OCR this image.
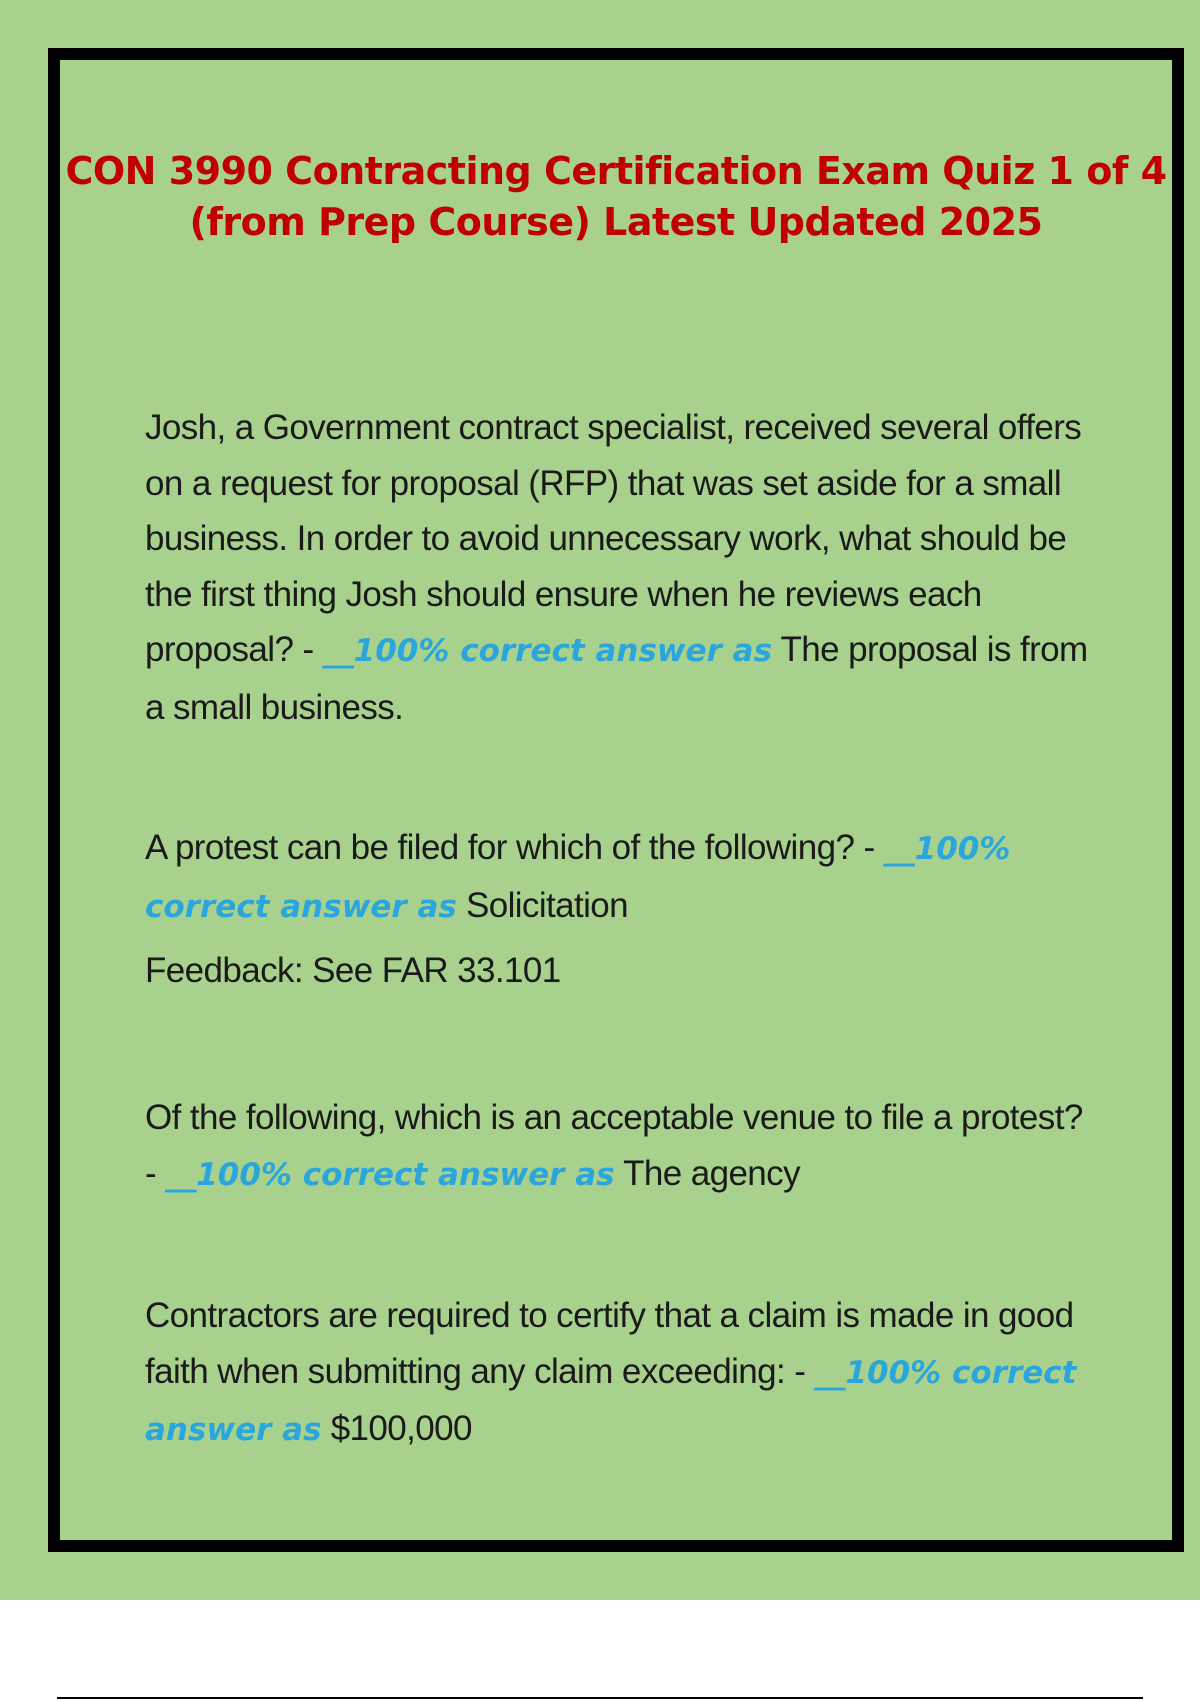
CON 3990 Contracting Certification Exam Quiz 1 of 4 (from Prep Course) Latest Updated 2025

Josh, a Government contract specialist, received several offers on a request for proposal (RFP) that was set aside for a small business. In order to avoid unnecessary work, what should be the first thing Josh should ensure when he reviews each proposal? - __100% correct answer as The proposal is from a small business.

A protest can be filed for which of the following? - __100% correct answer as Solicitation

Feedback: See FAR 33.101

Of the following, which is an acceptable venue to file a protest? - __100% correct answer as The agency

Contractors are required to certify that a claim is made in good faith when submitting any claim exceeding: - __100% correct answer as $100,000
